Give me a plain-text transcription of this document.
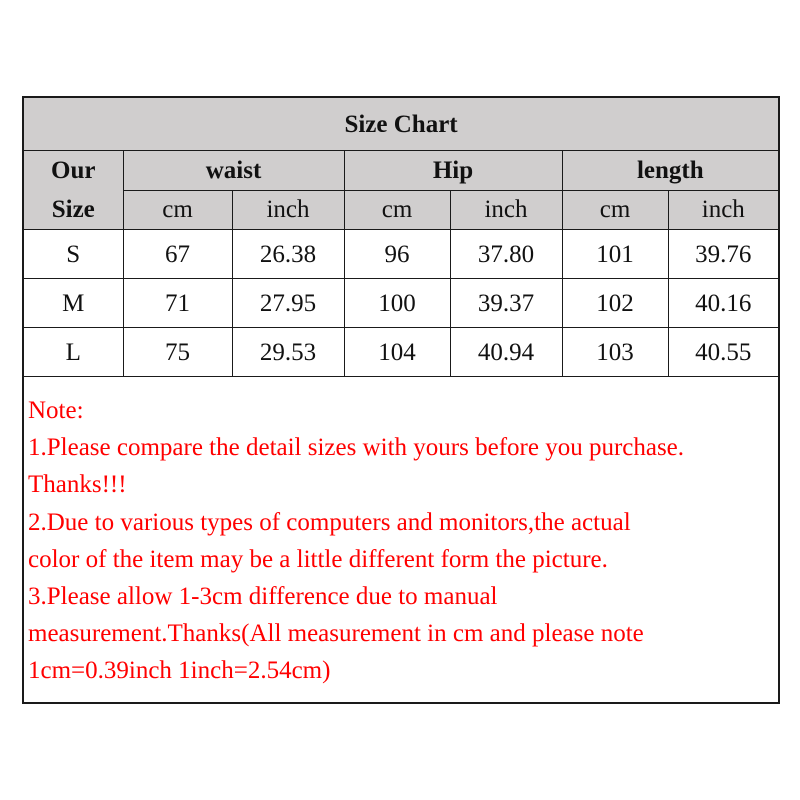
Size Chart						
Our
Size	waist		Hip		length	
	cm	inch	cm	inch	cm	inch
S	67	26.38	96	37.80	101	39.76
M	71	27.95	100	39.37	102	40.16
L	75	29.53	104	40.94	103	40.55
Note:
1.Please compare the detail sizes with yours before you purchase.
Thanks!!!
2.Due to various types of computers and monitors,the actual
color of the item may be a little different form the picture.
3.Please allow 1-3cm difference due to manual
measurement.Thanks(All measurement in cm and please note
1cm=0.39inch 1inch=2.54cm)
